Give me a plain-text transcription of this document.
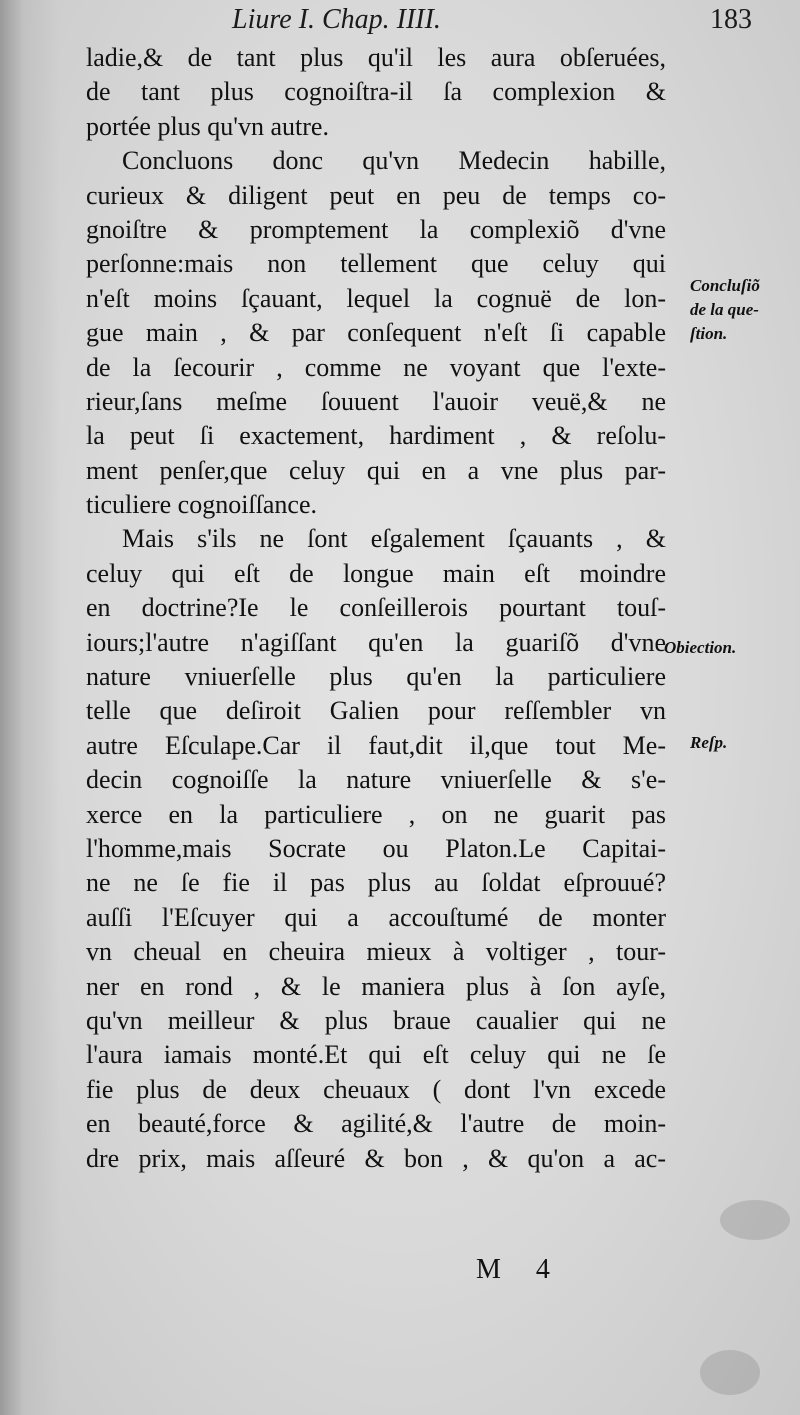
Liure I. Chap. IIII.	183
ladie,& de tant plus qu'il les aura obſeruées,
de tant plus cognoiſtra-il ſa complexion &
portée plus qu'vn autre.
Concluons donc qu'vn Medecin habille,
curieux & diligent peut en peu de temps co-
gnoiſtre & promptement la complexiõ d'vne
perſonne:mais non tellement que celuy qui
n'eſt moins ſçauant, lequel la cognuë de lon-
gue main , & par conſequent n'eſt ſi capable
de la ſecourir , comme ne voyant que l'exte-
rieur,ſans meſme ſouuent l'auoir veuë,& ne
la peut ſi exactement, hardiment , & reſolu-
ment penſer,que celuy qui en a vne plus par-
ticuliere cognoiſſance.
Mais s'ils ne ſont eſgalement ſçauants , &
celuy qui eſt de longue main eſt moindre
en doctrine?Ie le conſeillerois pourtant touſ-
iours;l'autre n'agiſſant qu'en la guariſõ d'vne
nature vniuerſelle plus qu'en la particuliere
telle que deſiroit Galien pour reſſembler vn
autre Eſculape.Car il faut,dit il,que tout Me-
decin cognoiſſe la nature vniuerſelle & s'e-
xerce en la particuliere , on ne guarit pas
l'homme,mais Socrate ou Platon.Le Capitai-
ne ne ſe fie il pas plus au ſoldat eſprouué?
auſſi l'Eſcuyer qui a accouſtumé de monter
vn cheual en cheuira mieux à voltiger , tour-
ner en rond , & le maniera plus à ſon ayſe,
qu'vn meilleur & plus braue caualier qui ne
l'aura iamais monté.Et qui eſt celuy qui ne ſe
fie plus de deux cheuaux ( dont l'vn excede
en beauté,force & agilité,& l'autre de moin-
dre prix, mais aſſeuré & bon , & qu'on a ac-
Concluſiõ
de la que-
ſtion.
Obiection.
Reſp.
M 4
